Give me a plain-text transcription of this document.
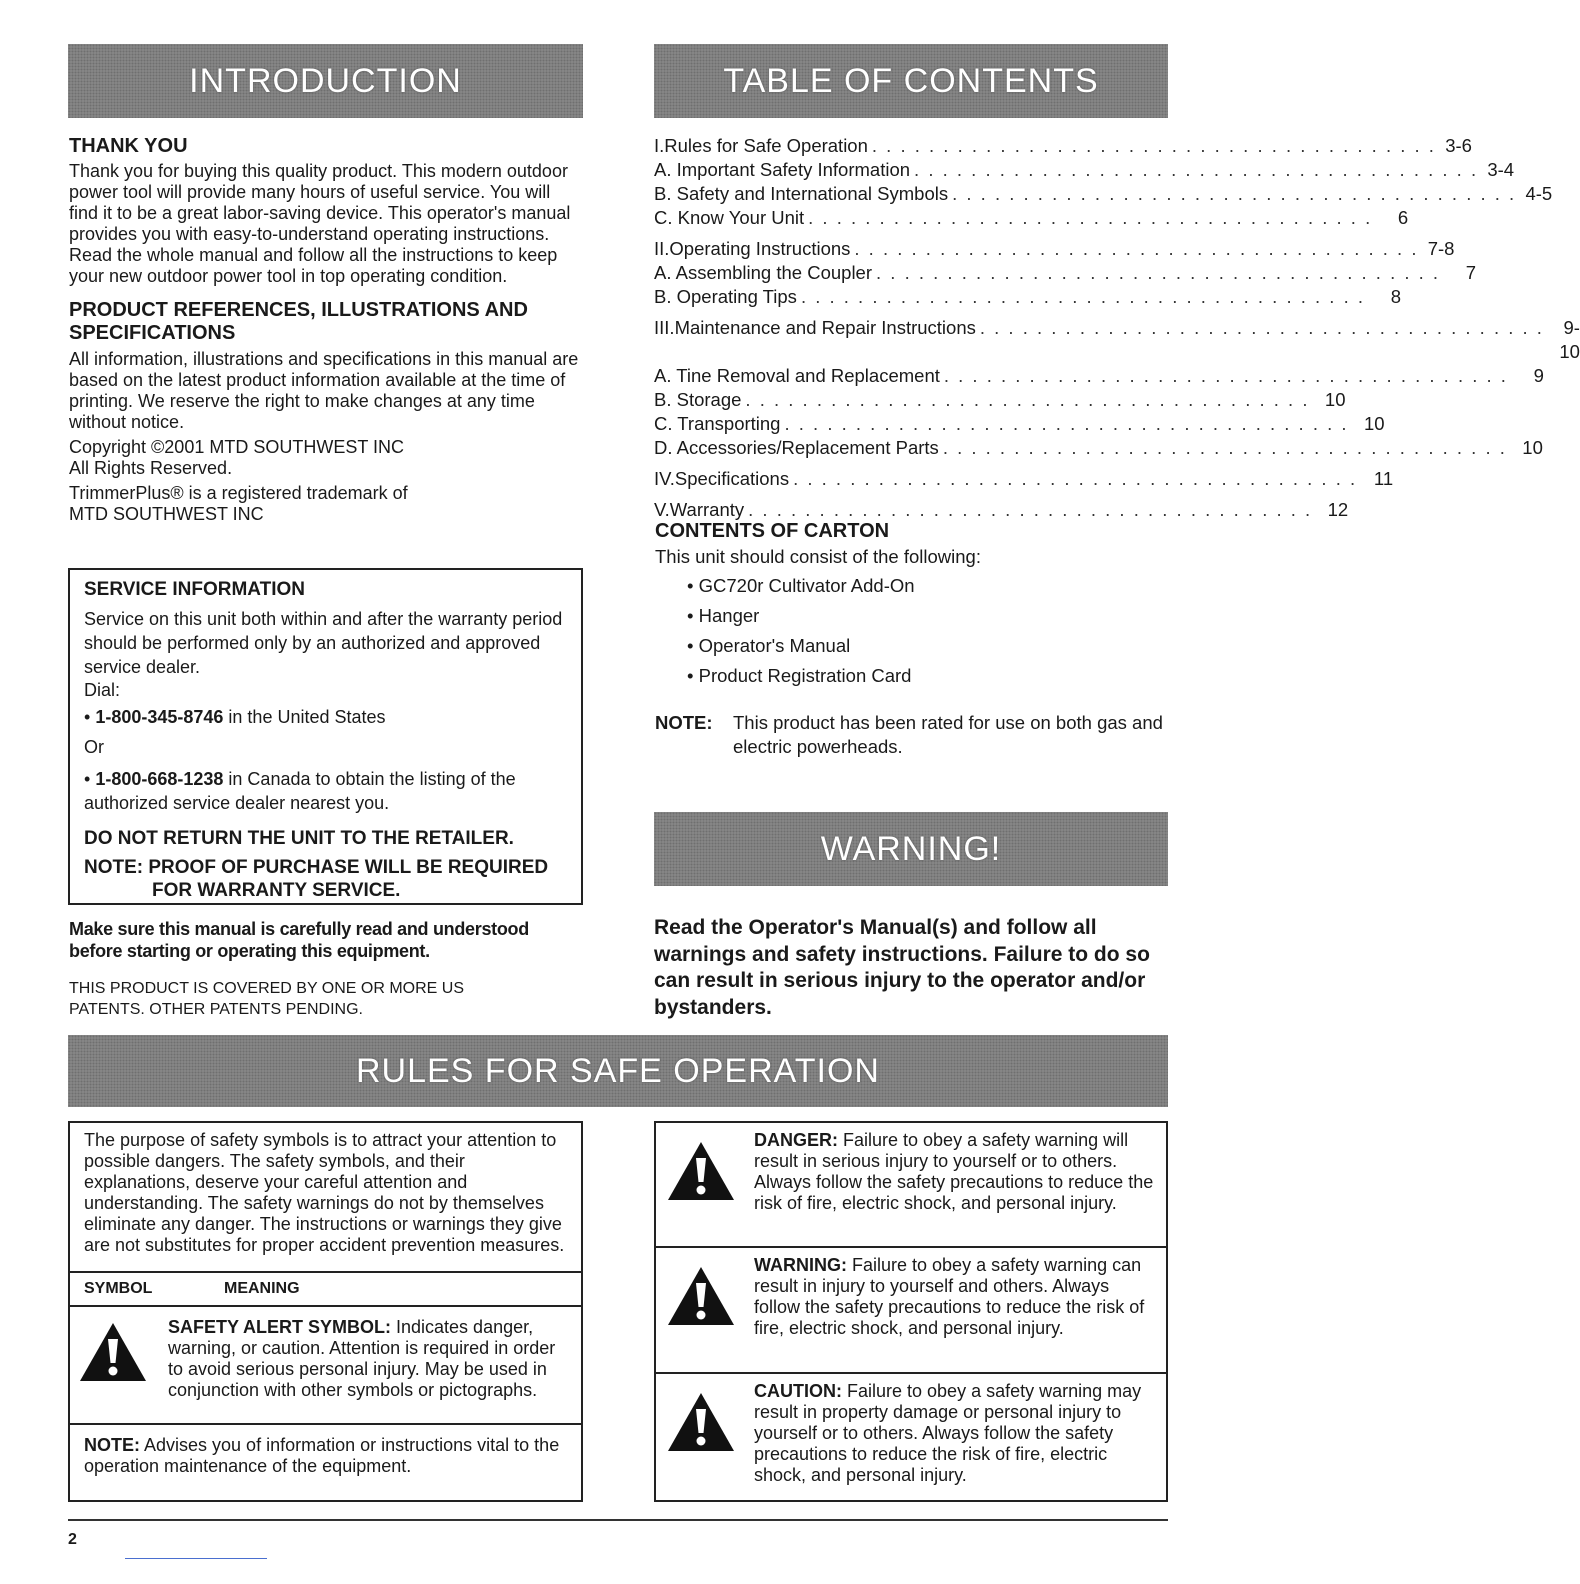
INTRODUCTION	TABLE OF CONTENTS
THANK YOU

Thank you for buying this quality product. This modern outdoor power tool will provide many hours of useful service. You will find it to be a great labor-saving device. This operator's manual provides you with easy-to-understand operating instructions. Read the whole manual and follow all the instructions to keep your new outdoor power tool in top operating condition.

PRODUCT REFERENCES, ILLUSTRATIONS AND SPECIFICATIONS

All information, illustrations and specifications in this manual are based on the latest product information available at the time of printing. We reserve the right to make changes at any time without notice.

Copyright ©2001 MTD SOUTHWEST INC

All Rights Reserved.

TrimmerPlus® is a registered trademark of

MTD SOUTHWEST INC

SERVICE INFORMATION

Service on this unit both within and after the warranty period should be performed only by an authorized and approved service dealer.

Dial:

• 1-800-345-8746 in the United States

Or

• 1-800-668-1238 in Canada to obtain the listing of the authorized service dealer nearest you.

DO NOT RETURN THE UNIT TO THE RETAILER.
NOTE: PROOF OF PURCHASE WILL BE REQUIRED
FOR WARRANTY SERVICE.

Make sure this manual is carefully read and understood before starting or operating this equipment.

THIS PRODUCT IS COVERED BY ONE OR MORE US PATENTS. OTHER PATENTS PENDING.

I. Rules for Safe Operation . . . . . . . . . . . . . . . . . . . . . . . . . . . . . . . . . . . . . . . . 3-6
A. Important Safety Information . . . . . . . . . . . . . . . . . . . . . . . . . . . . . . . . . . . . . . . . 3-4
B. Safety and International Symbols . . . . . . . . . . . . . . . . . . . . . . . . . . . . . . . . . . . . . . . . 4-5
C. Know Your Unit . . . . . . . . . . . . . . . . . . . . . . . . . . . . . . . . . . . . . . . .	6
II. Operating Instructions . . . . . . . . . . . . . . . . . . . . . . . . . . . . . . . . . . . . . . . . 7-8
A. Assembling the Coupler . . . . . . . . . . . . . . . . . . . . . . . . . . . . . . . . . . . . . . . .	7
B. Operating Tips . . . . . . . . . . . . . . . . . . . . . . . . . . . . . . . . . . . . . . . .	8
III. Maintenance and Repair Instructions . . . . . . . . . . . . . . . . . . . . . . . . . . . . . . . . . . . . . . . .	9-10
A. Tine Removal and Replacement . . . . . . . . . . . . . . . . . . . . . . . . . . . . . . . . . . . . . . . .	9
B. Storage . . . . . . . . . . . . . . . . . . . . . . . . . . . . . . . . . . . . . . . . 10
C. Transporting . . . . . . . . . . . . . . . . . . . . . . . . . . . . . . . . . . . . . . . . 10
D. Accessories/Replacement Parts . . . . . . . . . . . . . . . . . . . . . . . . . . . . . . . . . . . . . . . . 10
IV. Specifications . . . . . . . . . . . . . . . . . . . . . . . . . . . . . . . . . . . . . . . . 11
V. Warranty . . . . . . . . . . . . . . . . . . . . . . . . . . . . . . . . . . . . . . . . 12
CONTENTS OF CARTON

This unit should consist of the following:

• GC720r Cultivator Add-On
• Hanger
• Operator's Manual
• Product Registration Card
NOTE:	This product has been rated for use on both gas and electric powerheads.
WARNING!

Read the Operator's Manual(s) and follow all warnings and safety instructions. Failure to do so can result in serious injury to the operator and/or bystanders.

RULES FOR SAFE OPERATION

The purpose of safety symbols is to attract your attention to possible dangers. The safety symbols, and their explanations, deserve your careful attention and understanding. The safety warnings do not by themselves eliminate any danger. The instructions or warnings they give are not substitutes for proper accident prevention measures.

SYMBOL	MEANING

SAFETY ALERT SYMBOL: Indicates danger, warning, or caution. Attention is required in order to avoid serious personal injury. May be used in conjunction with other symbols or pictographs.

NOTE: Advises you of information or instructions vital to the operation maintenance of the equipment.

DANGER: Failure to obey a safety warning will result in serious injury to yourself or to others. Always follow the safety precautions to reduce the risk of fire, electric shock, and personal injury.

WARNING: Failure to obey a safety warning can result in injury to yourself and others. Always follow the safety precautions to reduce the risk of fire, electric shock, and personal injury.

CAUTION: Failure to obey a safety warning may result in property damage or personal injury to yourself or to others. Always follow the safety precautions to reduce the risk of fire, electric shock, and personal injury.

2
